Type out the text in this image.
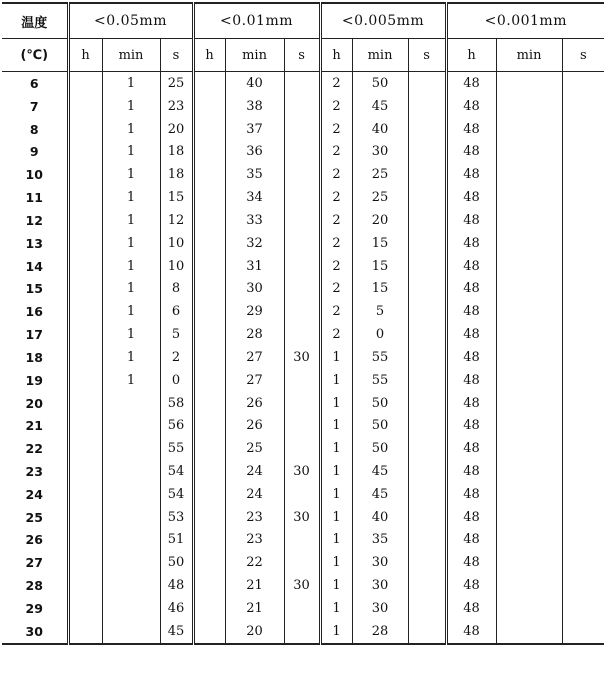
温度	<0.05mm			<0.01mm			<0.005mm			<0.001mm		
(℃)	h	min	s	h	min	s	h	min	s	h	min	s
6		1	25		40		2	50		48		
7		1	23		38		2	45		48		
8		1	20		37		2	40		48		
9		1	18		36		2	30		48		
10		1	18		35		2	25		48		
11		1	15		34		2	25		48		
12		1	12		33		2	20		48		
13		1	10		32		2	15		48		
14		1	10		31		2	15		48		
15		1	8		30		2	15		48		
16		1	6		29		2	5		48		
17		1	5		28		2	0		48		
18		1	2		27	30	1	55		48		
19		1	0		27		1	55		48		
20			58		26		1	50		48		
21			56		26		1	50		48		
22			55		25		1	50		48		
23			54		24	30	1	45		48		
24			54		24		1	45		48		
25			53		23	30	1	40		48		
26			51		23		1	35		48		
27			50		22		1	30		48		
28			48		21	30	1	30		48		
29			46		21		1	30		48		
30			45		20		1	28		48		
